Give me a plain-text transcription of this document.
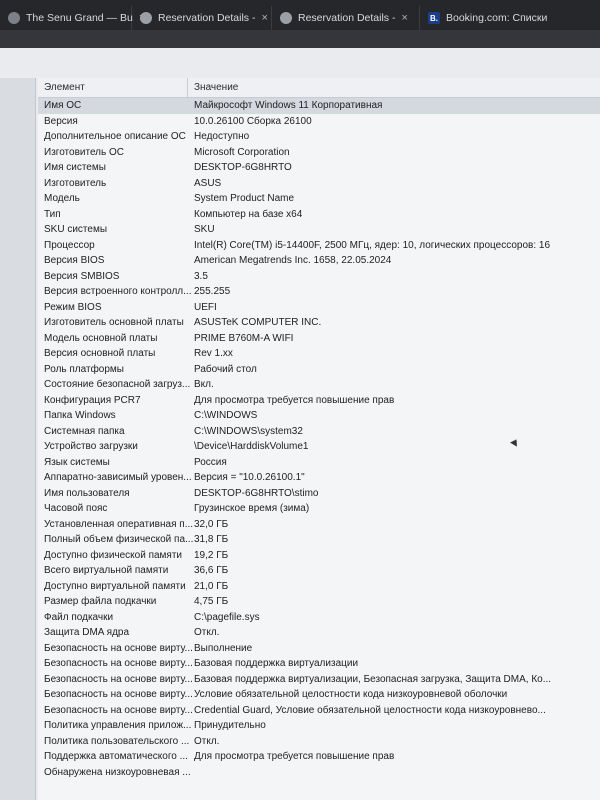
The Senu Grand — Bu Reservation Details - ×	Reservation Details - ×	B. Booking.com: Списки
Элемент	Значение
Имя ОС	Майкрософт Windows 11 Корпоративная
Версия	10.0.26100 Сборка 26100
Дополнительное описание ОС Недоступно
Изготовитель ОС	Microsoft Corporation
Имя системы	DESKTOP-6G8HRTO
Изготовитель	ASUS
Модель	System Product Name
Тип	Компьютер на базе x64
SKU системы	SKU
Процессор	Intel(R) Core(TM) i5-14400F, 2500 МГц, ядер: 10, логических процессоров: 16
Версия BIOS	American Megatrends Inc. 1658, 22.05.2024
Версия SMBIOS	3.5
Версия встроенного контролл... 255.255
Режим BIOS	UEFI
Изготовитель основной платы	ASUSTeK COMPUTER INC.
Модель основной платы	PRIME B760M-A WIFI
Версия основной платы	Rev 1.xx
Роль платформы	Рабочий стол
Состояние безопасной загруз... Вкл.
Конфигурация PCR7	Для просмотра требуется повышение прав
Папка Windows	C:\WINDOWS
Системная папка	C:\WINDOWS\system32
Устройство загрузки	\Device\HarddiskVolume1
Язык системы	Россия
Аппаратно-зависимый уровен... Версия = "10.0.26100.1"
Имя пользователя	DESKTOP-6G8HRTO\stimo
Часовой пояс	Грузинское время (зима)
Установленная оперативная п... 32,0 ГБ
Полный объем физической па... 31,8 ГБ
Доступно физической памяти	19,2 ГБ
Всего виртуальной памяти	36,6 ГБ
Доступно виртуальной памяти 21,0 ГБ
Размер файла подкачки	4,75 ГБ
Файл подкачки	C:\pagefile.sys
Защита DMA ядра	Откл.
Безопасность на основе вирту... Выполнение
Безопасность на основе вирту... Базовая поддержка виртуализации
Безопасность на основе вирту... Базовая поддержка виртуализации, Безопасная загрузка, Защита DMA, Ко...
Безопасность на основе вирту... Условие обязательной целостности кода низкоуровневой оболочки
Безопасность на основе вирту... Credential Guard, Условие обязательной целостности кода низкоуровнево...
Политика управления прилож... Принудительно
Политика пользовательского ... Откл.
Поддержка автоматического ... Для просмотра требуется повышение прав
Обнаружена низкоуровневая ...
